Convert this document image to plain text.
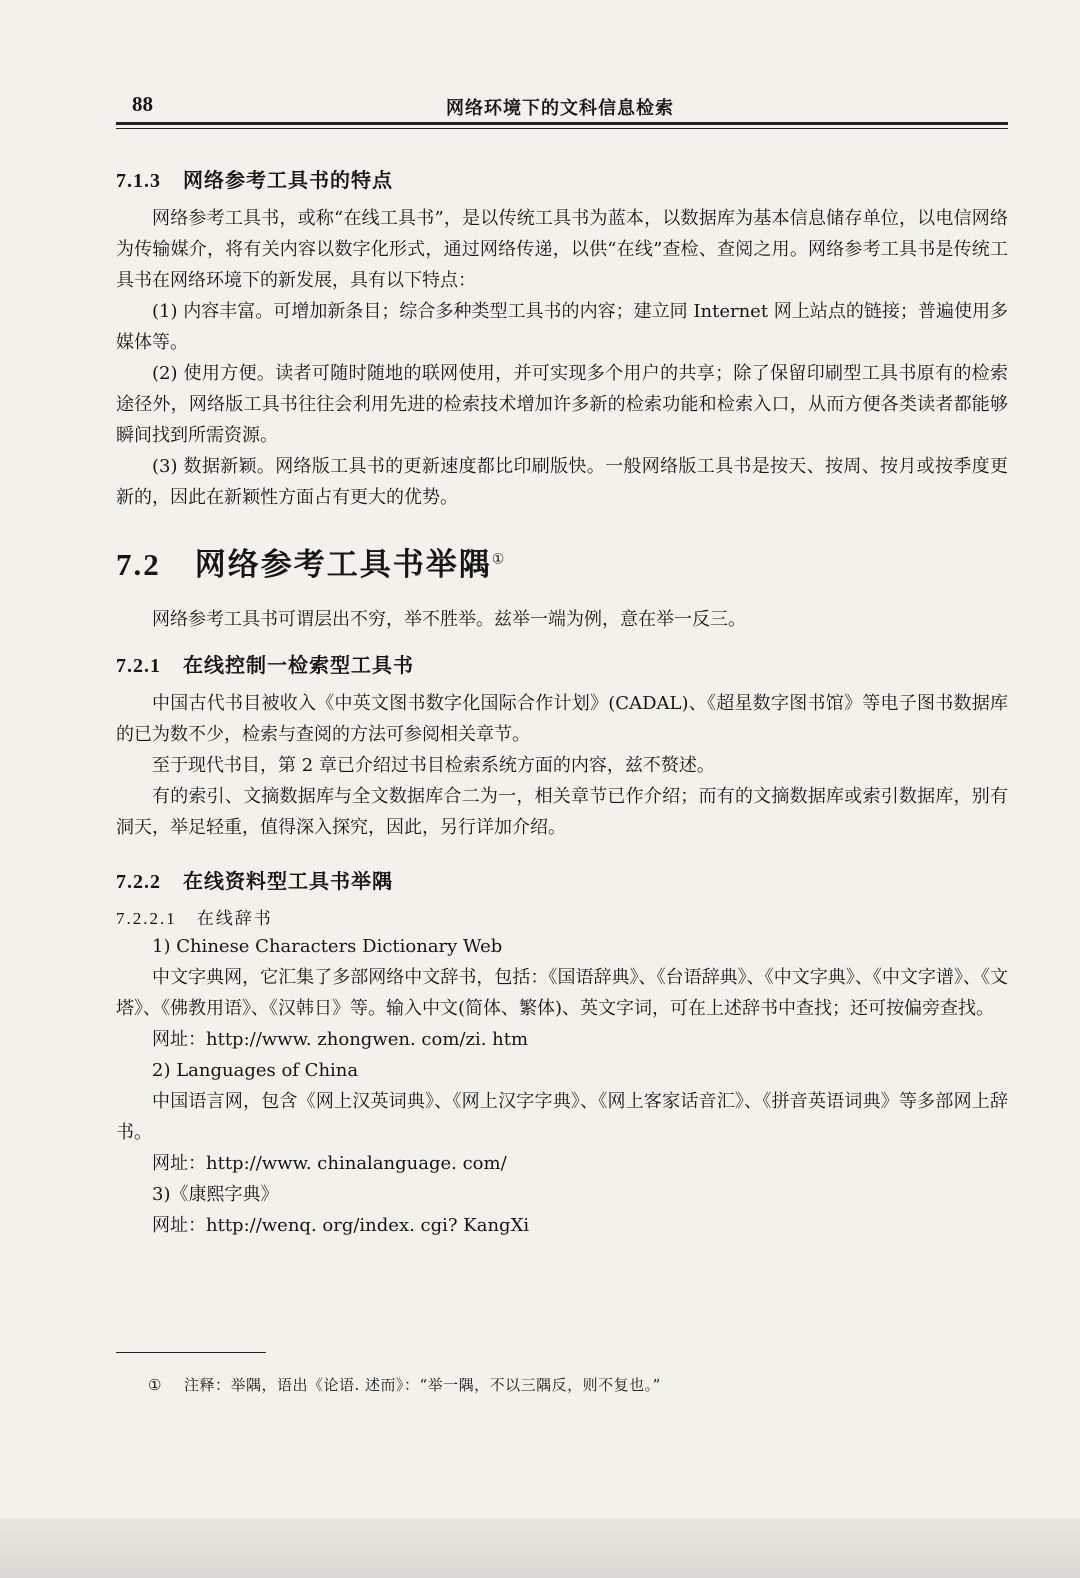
88	网络环境下的文科信息检索
7.1.3 网络参考工具书的特点

网络参考工具书，或称“在线工具书”，是以传统工具书为蓝本，以数据库为基本信息储存单位，以电信网络为传输媒介，将有关内容以数字化形式，通过网络传递，以供“在线”查检、查阅之用。网络参考工具书是传统工具书在网络环境下的新发展，具有以下特点：

(1) 内容丰富。可增加新条目；综合多种类型工具书的内容；建立同 Internet 网上站点的链接；普遍使用多媒体等。

(2) 使用方便。读者可随时随地的联网使用，并可实现多个用户的共享；除了保留印刷型工具书原有的检索途径外，网络版工具书往往会利用先进的检索技术增加许多新的检索功能和检索入口，从而方便各类读者都能够瞬间找到所需资源。

(3) 数据新颖。网络版工具书的更新速度都比印刷版快。一般网络版工具书是按天、按周、按月或按季度更新的，因此在新颖性方面占有更大的优势。

7.2 网络参考工具书举隅①

网络参考工具书可谓层出不穷，举不胜举。兹举一端为例，意在举一反三。

7.2.1 在线控制一检索型工具书

中国古代书目被收入《中英文图书数字化国际合作计划》(CADAL)、《超星数字图书馆》等电子图书数据库的已为数不少，检索与查阅的方法可参阅相关章节。

至于现代书目，第 2 章已介绍过书目检索系统方面的内容，兹不赘述。

有的索引、文摘数据库与全文数据库合二为一，相关章节已作介绍；而有的文摘数据库或索引数据库，别有洞天，举足轻重，值得深入探究，因此，另行详加介绍。

7.2.2 在线资料型工具书举隅
7.2.2.1 在线辞书

1) Chinese Characters Dictionary Web

中文字典网，它汇集了多部网络中文辞书，包括：《国语辞典》、《台语辞典》、《中文字典》、《中文字谱》、《文塔》、《佛教用语》、《汉韩日》等。输入中文(简体、繁体)、英文字词，可在上述辞书中查找；还可按偏旁查找。

网址：http://www. zhongwen. com/zi. htm

2) Languages of China

中国语言网，包含《网上汉英词典》、《网上汉字字典》、《网上客家话音汇》、《拼音英语词典》等多部网上辞书。

网址：http://www. chinalanguage. com/

3)《康熙字典》

网址：http://wenq. org/index. cgi? KangXi

① 注释：举隅，语出《论语. 述而》：“举一隅，不以三隅反，则不复也。”
